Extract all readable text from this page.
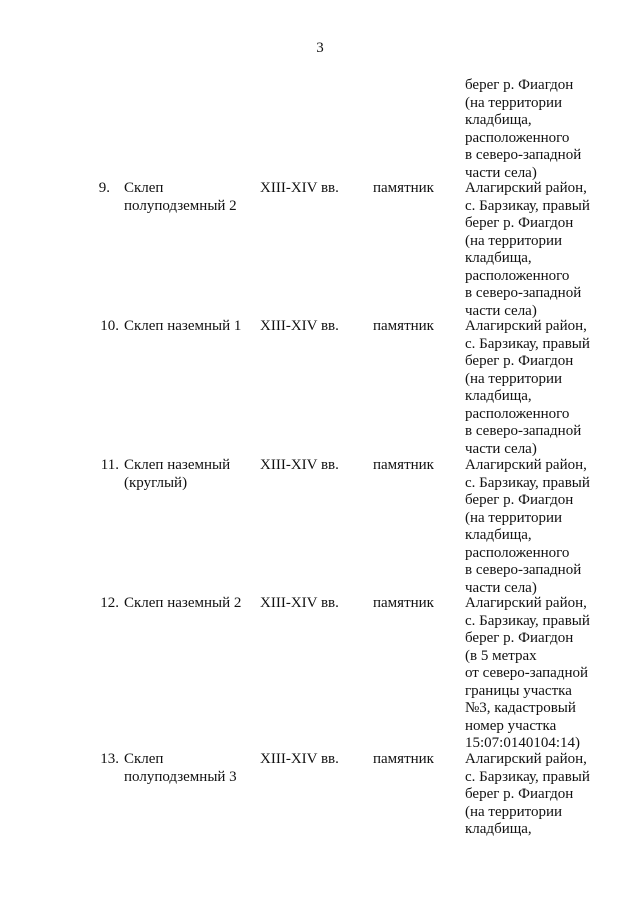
3
берег р. Фиагдон
(на территории
кладбища,
расположенного
в северо-западной
части села)
9. Склеп
полуподземный 2
XIII-XIV вв.	памятник	Алагирский район,
с. Барзикау, правый
берег р. Фиагдон
(на территории
кладбища,
расположенного
в северо-западной
части села)
10. Склеп наземный 1	XIII-XIV вв.	памятник	Алагирский район,
с. Барзикау, правый
берег р. Фиагдон
(на территории
кладбища,
расположенного
в северо-западной
части села)
11. Склеп наземный
(круглый)
XIII-XIV вв.	памятник	Алагирский район,
с. Барзикау, правый
берег р. Фиагдон
(на территории
кладбища,
расположенного
в северо-западной
части села)
12. Склеп наземный 2	XIII-XIV вв.	памятник	Алагирский район,
с. Барзикау, правый
берег р. Фиагдон
(в 5 метрах
от северо-западной
границы участка
№3, кадастровый
номер участка
15:07:0140104:14)
13. Склеп
полуподземный 3
XIII-XIV вв.	памятник	Алагирский район,
с. Барзикау, правый
берег р. Фиагдон
(на территории
кладбища,
